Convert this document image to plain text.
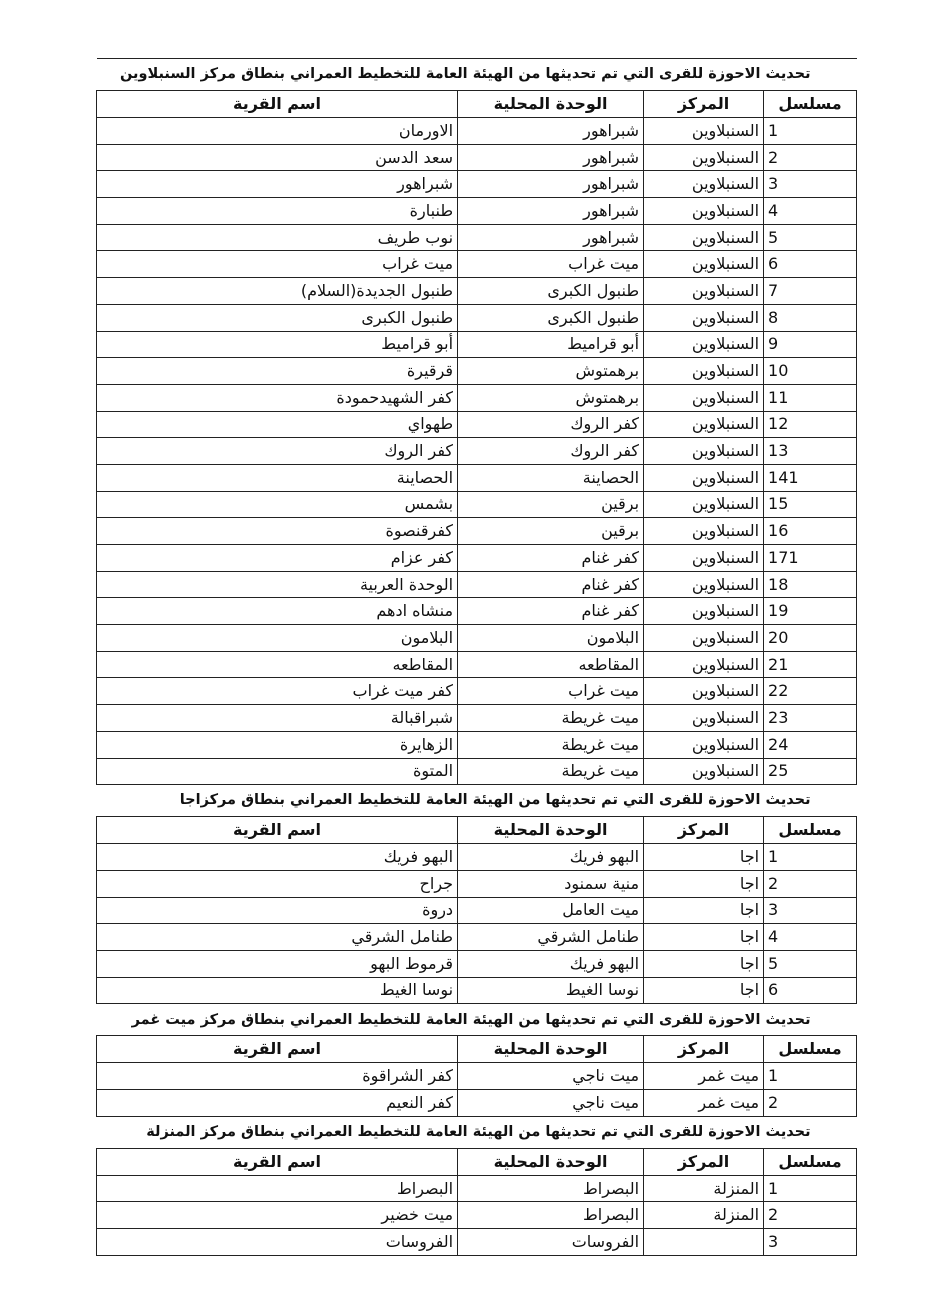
تحديث الاحوزة للقرى التي تم تحديثها من الهيئة العامة للتخطيط العمراني بنطاق مركز السنبلاوين			
مسلسل	المركز	الوحدة المحلية	اسم القرية
1	السنبلاوين	شبراهور	الاورمان
2	السنبلاوين	شبراهور	سعد الدسن
3	السنبلاوين	شبراهور	شبراهور
4	السنبلاوين	شبراهور	طنبارة
5	السنبلاوين	شبراهور	نوب طريف
6	السنبلاوين	ميت غراب	ميت غراب
7	السنبلاوين	طنبول الكبرى	طنبول الجديدة(السلام)
8	السنبلاوين	طنبول الكبرى	طنبول الكبرى
9	السنبلاوين	أبو قراميط	أبو قراميط
10	السنبلاوين	برهمتوش	قرقيرة
11	السنبلاوين	برهمتوش	كفر الشهيدحمودة
12	السنبلاوين	كفر الروك	طهواي
13	السنبلاوين	كفر الروك	كفر الروك
141	السنبلاوين	الحصاينة	الحصاينة
15	السنبلاوين	برقين	بشمس
16	السنبلاوين	برقين	كفرقنصوة
171	السنبلاوين	كفر غنام	كفر عزام
18	السنبلاوين	كفر غنام	الوحدة العربية
19	السنبلاوين	كفر غنام	منشاه ادهم
20	السنبلاوين	البلامون	البلامون
21	السنبلاوين	المقاطعه	المقاطعه
22	السنبلاوين	ميت غراب	كفر ميت غراب
23	السنبلاوين	ميت غريطة	شبراقبالة
24	السنبلاوين	ميت غريطة	الزهايرة
25	السنبلاوين	ميت غريطة	المتوة
تحديث الاحوزة للقرى التي تم تحديثها من الهيئة العامة للتخطيط العمراني بنطاق مركزاجا			
مسلسل	المركز	الوحدة المحلية	اسم القرية
1	اجا	البهو فريك	البهو فريك
2	اجا	منية سمنود	جراح
3	اجا	ميت العامل	دروة
4	اجا	طنامل الشرقي	طنامل الشرقي
5	اجا	البهو فريك	قرموط البهو
6	اجا	نوسا الغيط	نوسا الغيط
تحديث الاحوزة للقرى التي تم تحديثها من الهيئة العامة للتخطيط العمراني بنطاق مركز ميت غمر			
مسلسل	المركز	الوحدة المحلية	اسم القرية
1	ميت غمر	ميت ناجي	كفر الشراقوة
2	ميت غمر	ميت ناجي	كفر النعيم
تحديث الاحوزة للقرى التي تم تحديثها من الهيئة العامة للتخطيط العمراني بنطاق مركز المنزلة			
مسلسل	المركز	الوحدة المحلية	اسم القرية
1	المنزلة	البصراط	البصراط
2	المنزلة	البصراط	ميت خضير
3		الفروسات	الفروسات
